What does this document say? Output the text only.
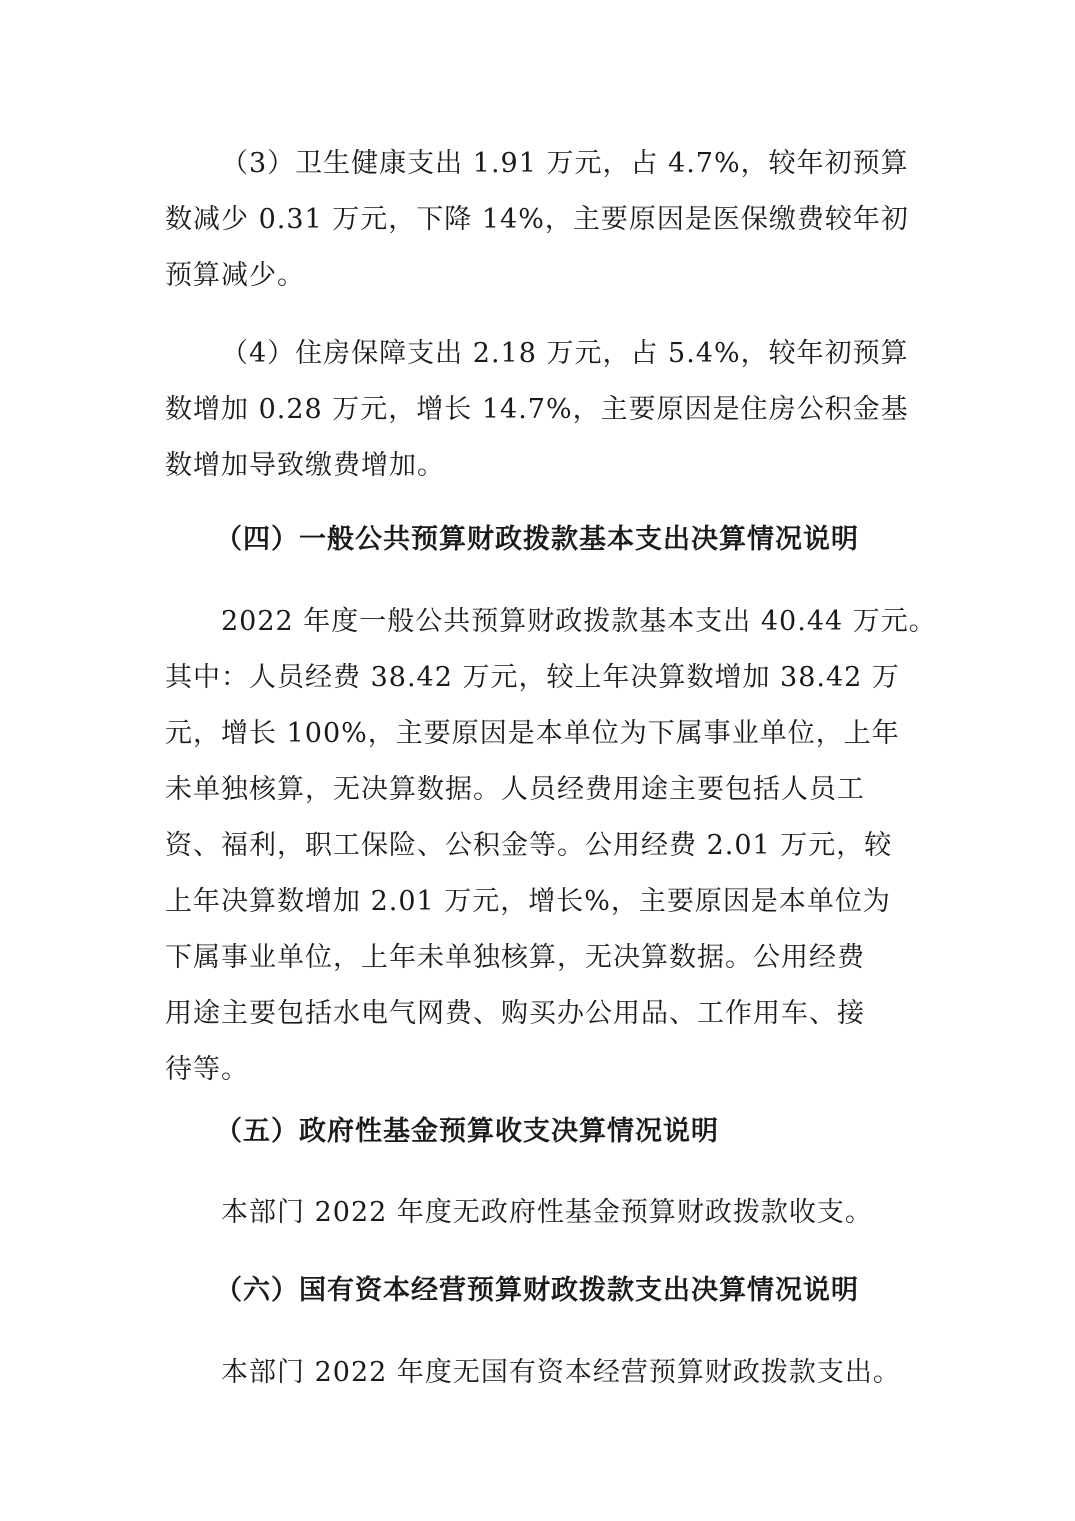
（3）卫生健康支出 1.91 万元，占 4.7%，较年初预算
数减少 0.31 万元，下降 14%，主要原因是医保缴费较年初
预算减少。

（4）住房保障支出 2.18 万元，占 5.4%，较年初预算
数增加 0.28 万元，增长 14.7%，主要原因是住房公积金基
数增加导致缴费增加。

（四）一般公共预算财政拨款基本支出决算情况说明

2022 年度一般公共预算财政拨款基本支出 40.44 万元。
其中：人员经费 38.42 万元，较上年决算数增加 38.42 万
元，增长 100%，主要原因是本单位为下属事业单位，上年
未单独核算，无决算数据。人员经费用途主要包括人员工
资、福利，职工保险、公积金等。公用经费 2.01 万元，较
上年决算数增加 2.01 万元，增长%，主要原因是本单位为
下属事业单位，上年未单独核算，无决算数据。公用经费
用途主要包括水电气网费、购买办公用品、工作用车、接
待等。

（五）政府性基金预算收支决算情况说明

本部门 2022 年度无政府性基金预算财政拨款收支。

（六）国有资本经营预算财政拨款支出决算情况说明

本部门 2022 年度无国有资本经营预算财政拨款支出。
